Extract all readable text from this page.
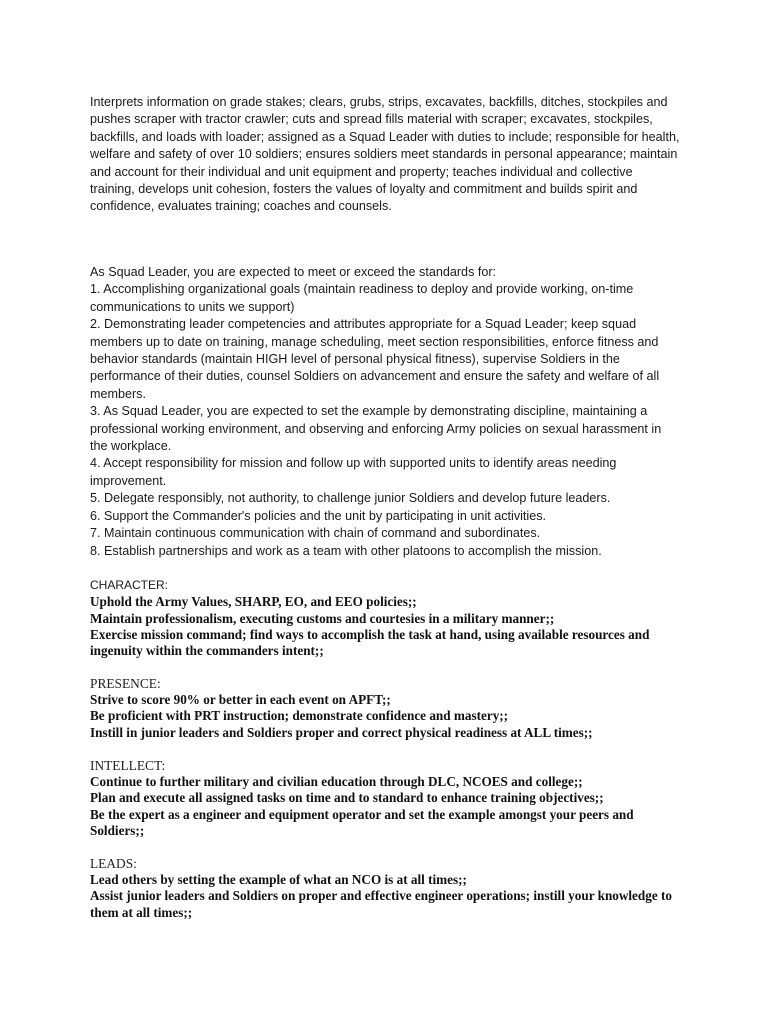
Interprets information on grade stakes; clears, grubs, strips, excavates, backfills, ditches, stockpiles and pushes scraper with tractor crawler; cuts and spread fills material with scraper; excavates, stockpiles, backfills, and loads with loader; assigned as a Squad Leader with duties to include; responsible for health, welfare and safety of over 10 soldiers; ensures soldiers meet standards in personal appearance; maintain and account for their individual and unit equipment and property; teaches individual and collective training, develops unit cohesion, fosters the values of loyalty and commitment and builds spirit and confidence, evaluates training; coaches and counsels.

As Squad Leader, you are expected to meet or exceed the standards for:

1. Accomplishing organizational goals (maintain readiness to deploy and provide working, on-time communications to units we support)

2. Demonstrating leader competencies and attributes appropriate for a Squad Leader; keep squad members up to date on training, manage scheduling, meet section responsibilities, enforce fitness and behavior standards (maintain HIGH level of personal physical fitness), supervise Soldiers in the performance of their duties, counsel Soldiers on advancement and ensure the safety and welfare of all members.

3. As Squad Leader, you are expected to set the example by demonstrating discipline, maintaining a professional working environment, and observing and enforcing Army policies on sexual harassment in the workplace.

4. Accept responsibility for mission and follow up with supported units to identify areas needing improvement.

5. Delegate responsibly, not authority, to challenge junior Soldiers and develop future leaders.

6. Support the Commander's policies and the unit by participating in unit activities.

7. Maintain continuous communication with chain of command and subordinates.

8. Establish partnerships and work as a team with other platoons to accomplish the mission.

CHARACTER:

Uphold the Army Values, SHARP, EO, and EEO policies;;

Maintain professionalism, executing customs and courtesies in a military manner;;

Exercise mission command; find ways to accomplish the task at hand, using available resources and ingenuity within the commanders intent;;

PRESENCE:

Strive to score 90% or better in each event on APFT;;

Be proficient with PRT instruction; demonstrate confidence and mastery;;

Instill in junior leaders and Soldiers proper and correct physical readiness at ALL times;;

INTELLECT:

Continue to further military and civilian education through DLC, NCOES and college;;

Plan and execute all assigned tasks on time and to standard to enhance training objectives;;

Be the expert as a engineer and equipment operator and set the example amongst your peers and Soldiers;;

LEADS:

Lead others by setting the example of what an NCO is at all times;;

Assist junior leaders and Soldiers on proper and effective engineer operations; instill your knowledge to them at all times;;
